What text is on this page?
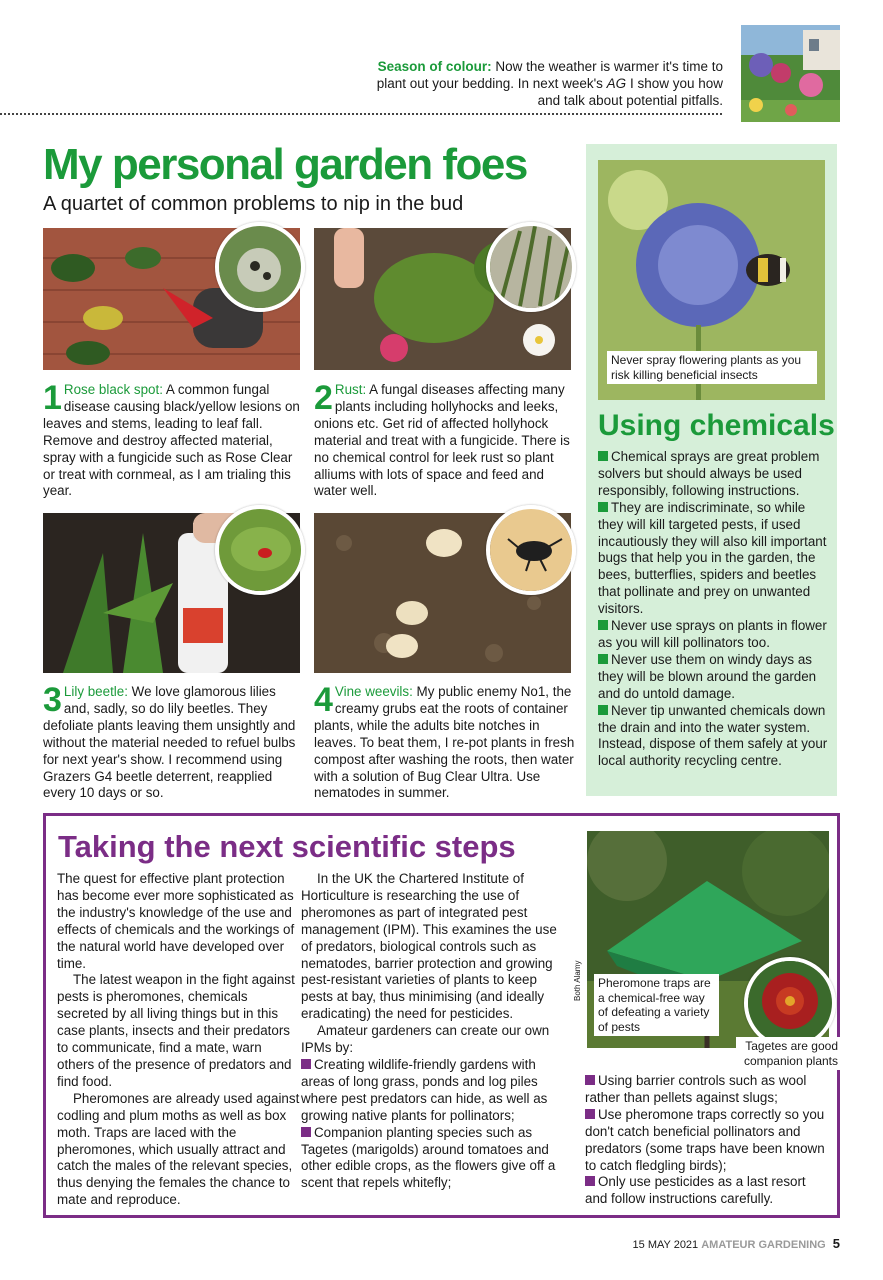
Season of colour: Now the weather is warmer it's time to
plant out your bedding. In next week's AG I show you how
and talk about potential pitfalls.
My personal garden foes
A quartet of common problems to nip in the bud
1 Rose black spot: A common fungal disease causing black/yellow lesions on leaves and stems, leading to leaf fall. Remove and destroy affected material, spray with a fungicide such as Rose Clear or treat with cornmeal, as I am trialing this year.
2 Rust: A fungal diseases affecting many plants including hollyhocks and leeks, onions etc. Get rid of affected hollyhock material and treat with a fungicide. There is no chemical control for leek rust so plant alliums with lots of space and feed and water well.
3 Lily beetle: We love glamorous lilies and, sadly, so do lily beetles. They defoliate plants leaving them unsightly and without the material needed to refuel bulbs for next year's show. I recommend using Grazers G4 beetle deterrent, reapplied every 10 days or so.
4 Vine weevils: My public enemy No1, the creamy grubs eat the roots of container plants, while the adults bite notches in leaves. To beat them, I re-pot plants in fresh compost after washing the roots, then water with a solution of Bug Clear Ultra. Use nematodes in summer.
Never spray flowering plants as you risk killing beneficial insects
Using chemicals
Chemical sprays are great problem solvers but should always be used responsibly, following instructions.
They are indiscriminate, so while they will kill targeted pests, if used incautiously they will also kill important bugs that help you in the garden, the bees, butterflies, spiders and beetles that pollinate and prey on unwanted visitors.
Never use sprays on plants in flower as you will kill pollinators too.
Never use them on windy days as they will be blown around the garden and do untold damage.
Never tip unwanted chemicals down the drain and into the water system. Instead, dispose of them safely at your local authority recycling centre.
Taking the next scientific steps

The quest for effective plant protection has become ever more sophisticated as the industry's knowledge of the use and effects of chemicals and the workings of the natural world have developed over time.

The latest weapon in the fight against pests is pheromones, chemicals secreted by all living things but in this case plants, insects and their predators to communicate, find a mate, warn others of the presence of predators and find food.

Pheromones are already used against codling and plum moths as well as box moth. Traps are laced with the pheromones, which usually attract and catch the males of the relevant species, thus denying the females the chance to mate and reproduce.

In the UK the Chartered Institute of Horticulture is researching the use of pheromones as part of integrated pest management (IPM). This examines the use of predators, biological controls such as nematodes, barrier protection and growing pest-resistant varieties of plants to keep pests at bay, thus minimising (and ideally eradicating) the need for pesticides.

Amateur gardeners can create our own IPMs by:

Creating wildlife-friendly gardens with areas of long grass, ponds and log piles where pest predators can hide, as well as growing native plants for pollinators;

Companion planting species such as Tagetes (marigolds) around tomatoes and other edible crops, as the flowers give off a scent that repels whitefly;

Both Alamy	Pheromone traps are a chemical-free way of defeating a variety of pests
Tagetes are good companion plants

Using barrier controls such as wool rather than pellets against slugs;

Use pheromone traps correctly so you don't catch beneficial pollinators and predators (some traps have been known to catch fledgling birds);

Only use pesticides as a last resort and follow instructions carefully.

15 MAY 2021 AMATEUR GARDENING 5
